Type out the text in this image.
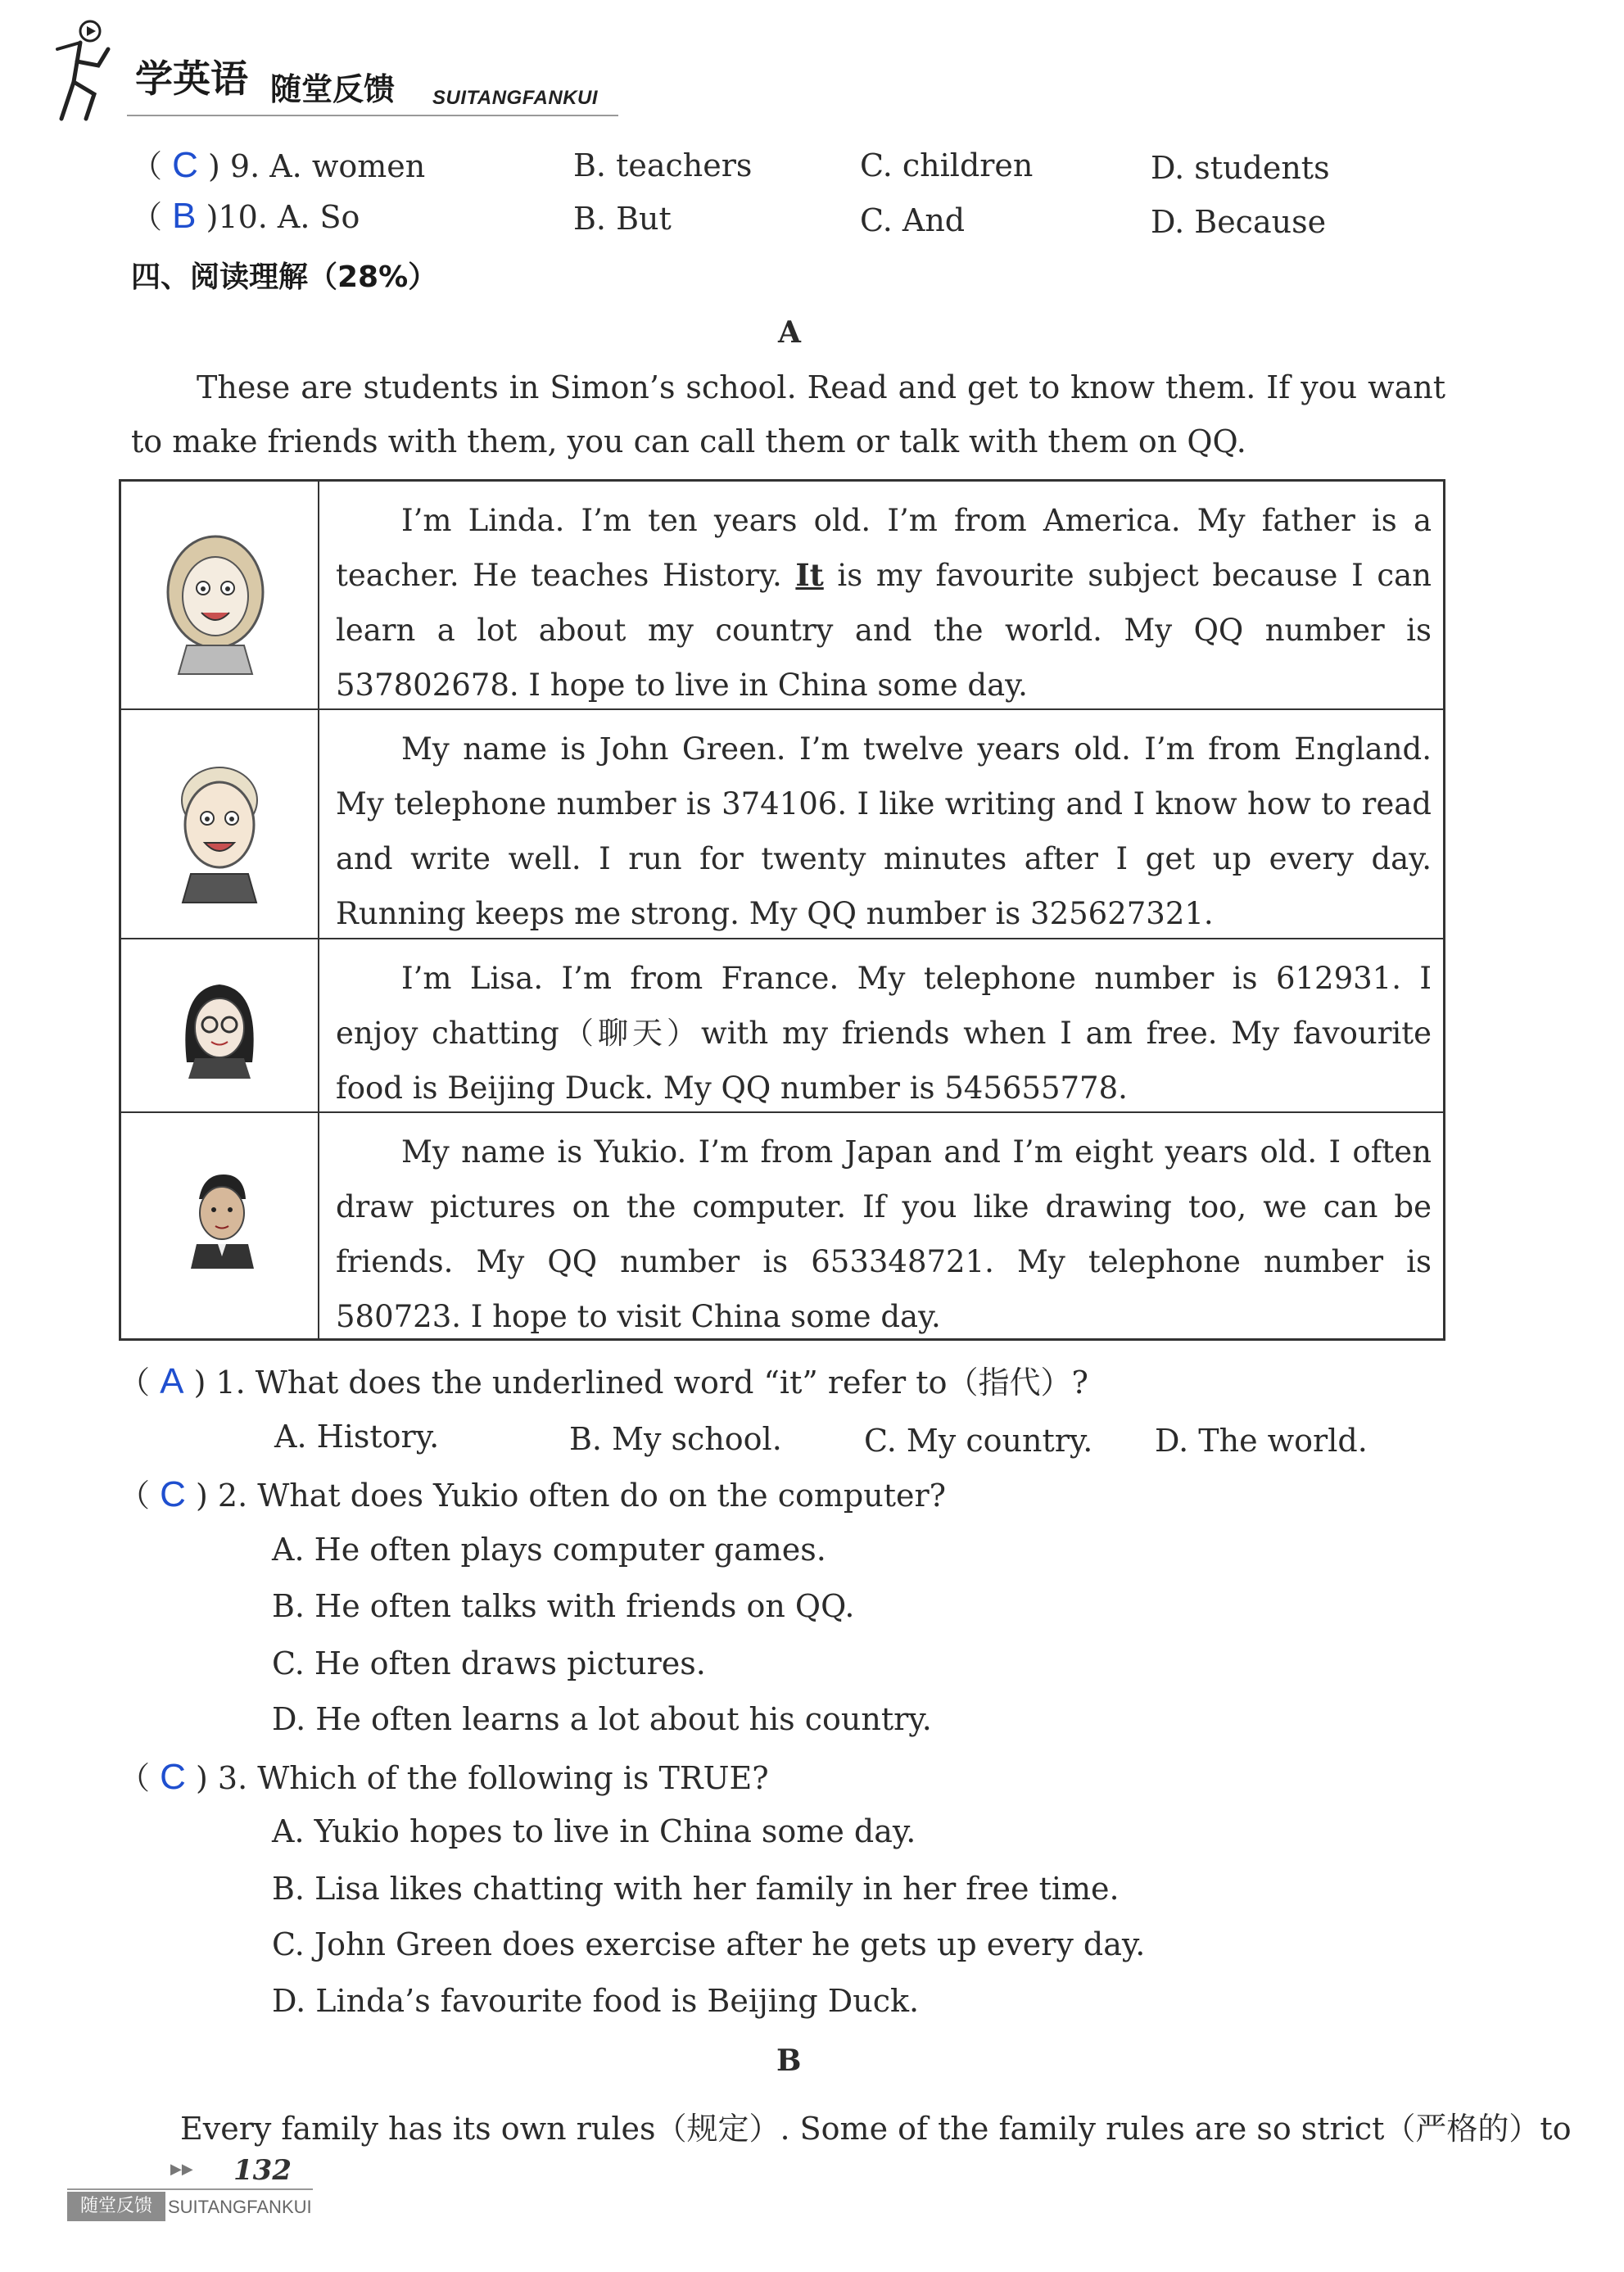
学英语 随堂反馈 SUITANGFANKUI
（ C ) 9. A. women	B. teachers	C. children	D. students
（ B )10. A. So	B. But	C. And	D. Because
四、阅读理解（28%）
A
These are students in Simon’s school. Read and get to know them. If you want to make friends with them, you can call them or talk with them on QQ.
I’m Linda. I’m ten years old. I’m from America. My father is a teacher. He teaches History. It is my favourite subject because I can learn a lot about my country and the world. My QQ number is 537802678. I hope to live in China some day.
My name is John Green. I’m twelve years old. I’m from England. My telephone number is 374106. I like writing and I know how to read and write well. I run for twenty minutes after I get up every day. Running keeps me strong. My QQ number is 325627321.
I’m Lisa. I’m from France. My telephone number is 612931. I enjoy chatting（聊天）with my friends when I am free. My favourite food is Beijing Duck. My QQ number is 545655778.
My name is Yukio. I’m from Japan and I’m eight years old. I often draw pictures on the computer. If you like drawing too, we can be friends. My QQ number is 653348721. My telephone number is 580723. I hope to visit China some day.
（ A ) 1. What does the underlined word “it” refer to（指代）?
A. History.	B. My school.	C. My country. D. The world.
（ C ) 2. What does Yukio often do on the computer?
A. He often plays computer games.
B. He often talks with friends on QQ.
C. He often draws pictures.
D. He often learns a lot about his country.
（ C ) 3. Which of the following is TRUE?
A. Yukio hopes to live in China some day.
B. Lisa likes chatting with her family in her free time.
C. John Green does exercise after he gets up every day.
D. Linda’s favourite food is Beijing Duck.
B
Every family has its own rules（规定）. Some of the family rules are so strict（严格的）to
▶▶ 132
随堂反馈 SUITANGFANKUI
